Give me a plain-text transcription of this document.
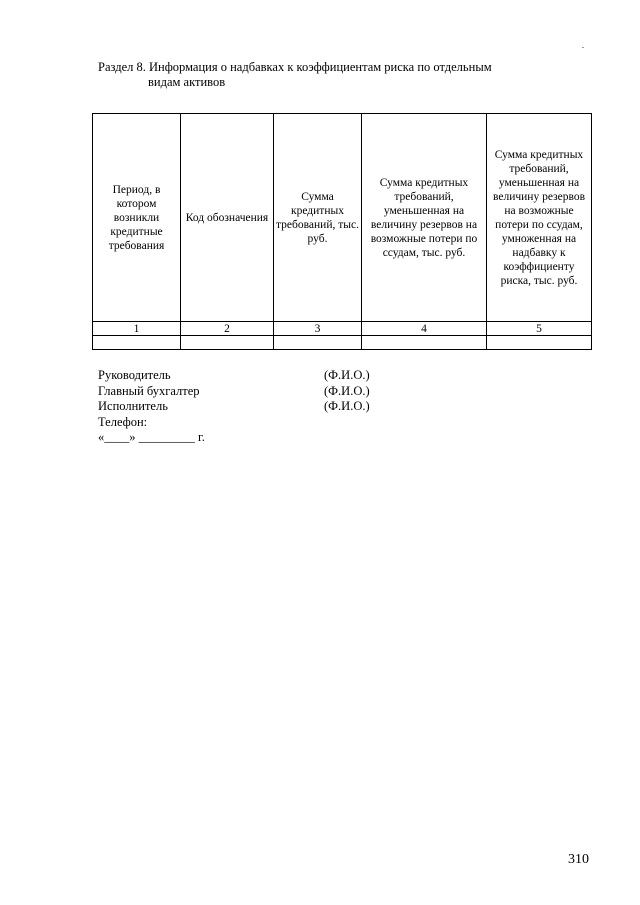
Раздел 8. Информация о надбавках к коэффициентам риска по отдельным
видам активов
Период, в котором возникли кредитные требования	Код обозначения	Сумма кредитных требований, тыс. руб.	Сумма кредитных требований, уменьшенная на величину резервов на возможные потери по ссудам, тыс. руб.	Сумма кредитных требований, уменьшенная на величину резервов на возможные потери по ссудам, умноженная на надбавку к коэффициенту риска, тыс. руб.
1	2	3	4	5

Руководитель	(Ф.И.О.)
Главный бухгалтер	(Ф.И.О.)
Исполнитель	(Ф.И.О.)
Телефон:
«____» _________ г.
310
